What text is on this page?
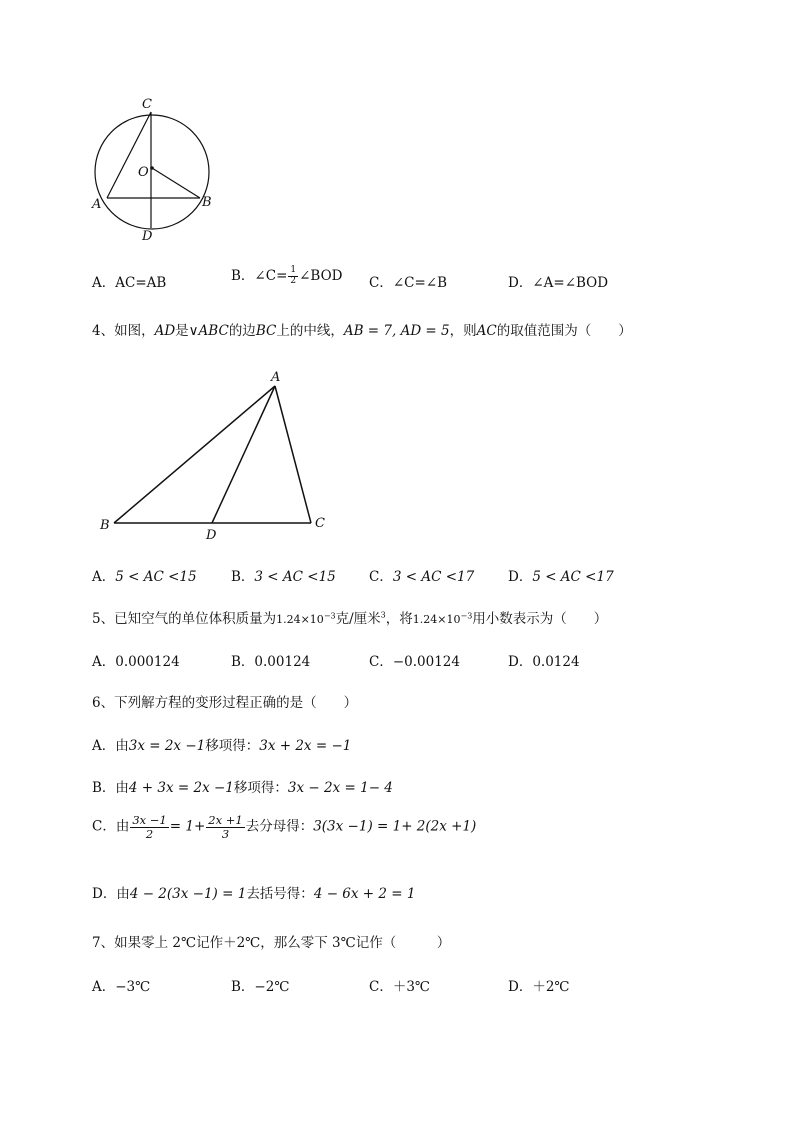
C
O
A	B
D
A．AC=AB	B．∠C= $\frac{1}{2}$ ∠BOD C．∠C=∠B	D．∠A=∠BOD
4、如图，AD是∨ABC的边BC上的中线，AB = 7, AD = 5，则AC的取值范围为（　　）
A
B	C
D
A．5 < AC <15	B．3 < AC <15 C．3 < AC <17	D．5 < AC <17
5、已知空气的单位体积质量为$1.24\times 10^{-3}$克/厘米$^3$，将$1.24\times 10^{-3}$用小数表示为（　　）
A．0.000124	B．0.00124	C．−0.00124	D．0.0124
6、下列解方程的变形过程正确的是（　　）
A．由3x = 2x −1移项得：3x + 2x = −1
B．由4 + 3x = 2x −1移项得：3x − 2x = 1− 4
C．由 $\frac{3x -1}{2} = 1+ \frac{2x +1}{3}$ 去分母得：3(3x −1) = 1+ 2(2x +1)
D．由4 − 2(3x −1) = 1去括号得：4 − 6x + 2 = 1
7、如果零上 2℃记作＋2℃，那么零下 3℃记作（　　　）
A．−3℃	B．−2℃	C．＋3℃	D．＋2℃
